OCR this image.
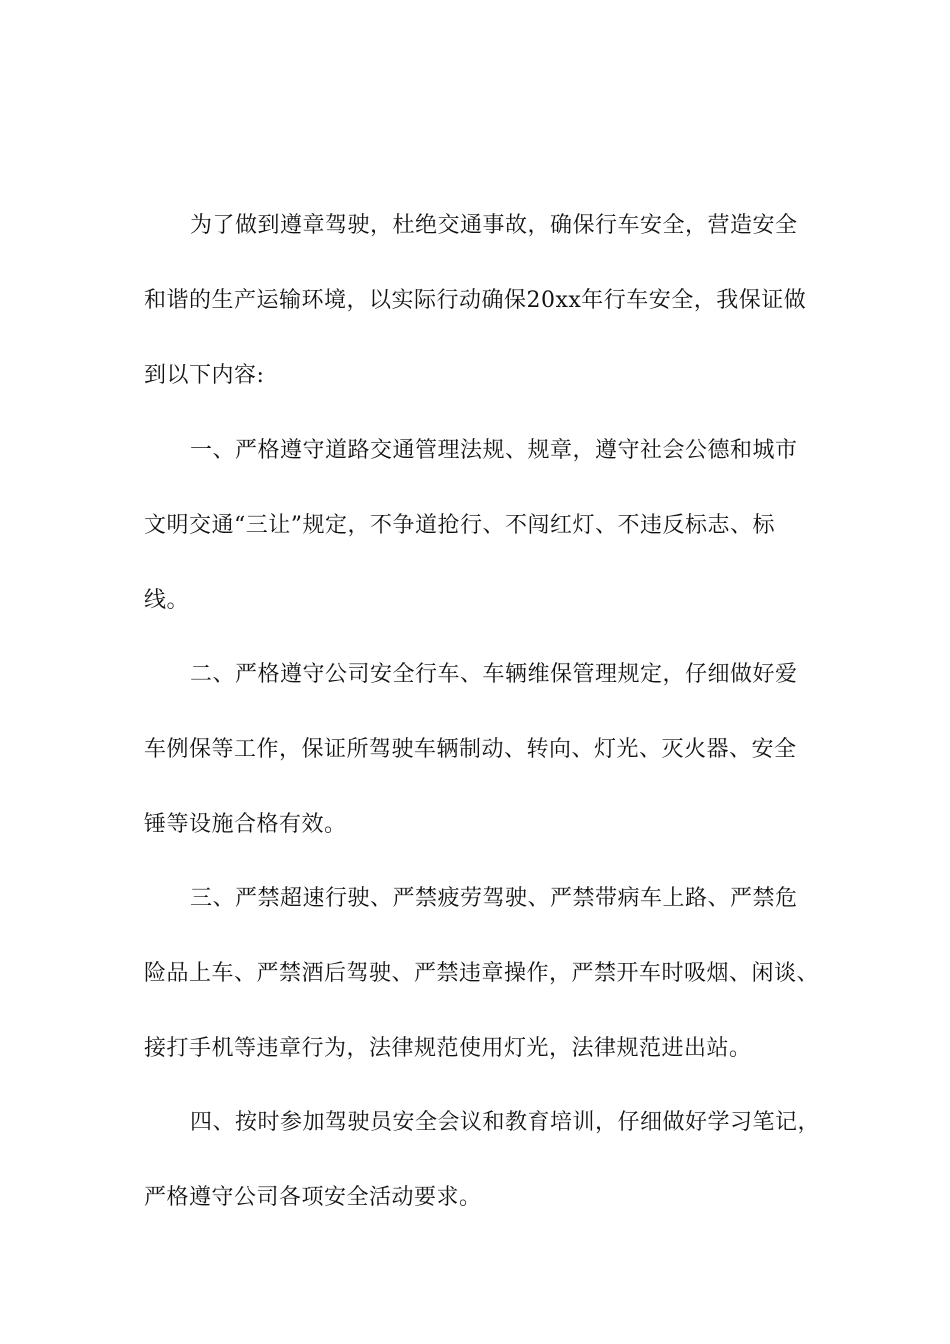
为了做到遵章驾驶，杜绝交通事故，确保行车安全，营造安全
和谐的生产运输环境，以实际行动确保20xx年行车安全，我保证做
到以下内容:
一、严格遵守道路交通管理法规、规章，遵守社会公德和城市
文明交通“三让”规定，不争道抢行、不闯红灯、不违反标志、标
线。
二、严格遵守公司安全行车、车辆维保管理规定，仔细做好爱
车例保等工作，保证所驾驶车辆制动、转向、灯光、灭火器、安全
锤等设施合格有效。
三、严禁超速行驶、严禁疲劳驾驶、严禁带病车上路、严禁危
险品上车、严禁酒后驾驶、严禁违章操作，严禁开车时吸烟、闲谈、
接打手机等违章行为，法律规范使用灯光，法律规范进出站。
四、按时参加驾驶员安全会议和教育培训，仔细做好学习笔记，
严格遵守公司各项安全活动要求。
